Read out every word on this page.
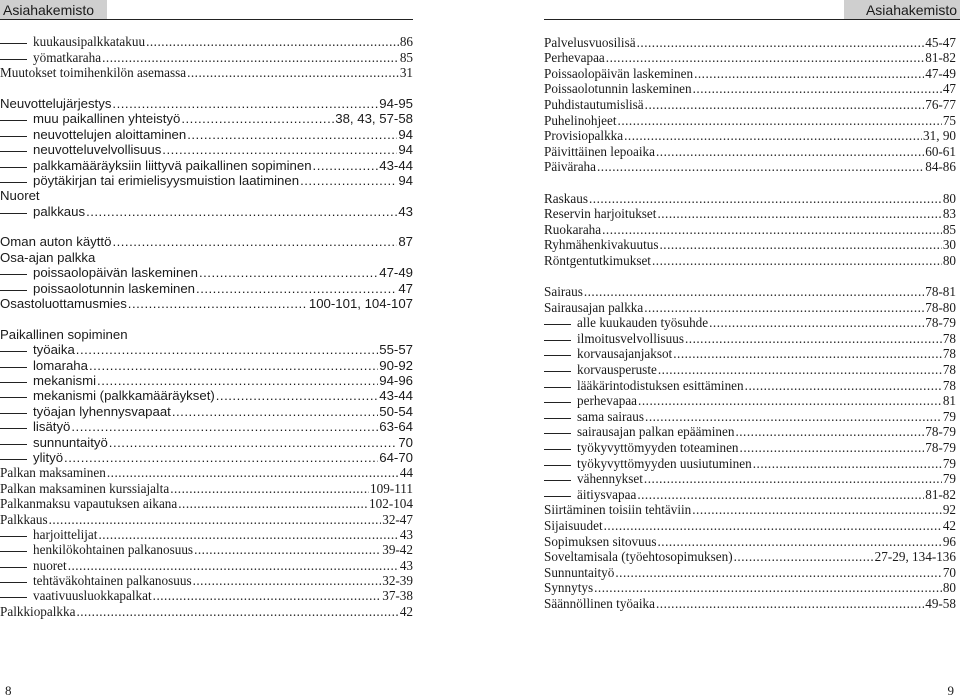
Asiahakemisto	Asiahakemisto
kuukausipalkkatakuu .....	86
yömatkaraha .....	85
Muutokset toimihenkilön asemassa .....	31
Neuvottelujärjestys .....	94-95
muu paikallinen yhteistyö .....	38, 43, 57-58
neuvottelujen aloittaminen .....	94
neuvotteluvelvollisuus .....	94
palkkamääräyksiin liittyvä paikallinen sopiminen .....	43-44
pöytäkirjan tai erimielisyysmuistion laatiminen .....	94
Nuoret
palkkaus .....	43
Oman auton käyttö .....	87
Osa-ajan palkka
poissaolopäivän laskeminen .....	47-49
poissaolotunnin laskeminen .....	47
Osastoluottamusmies .....	100-101, 104-107
Paikallinen sopiminen
työaika .....	55-57
lomaraha .....	90-92
mekanismi .....	94-96
mekanismi (palkkamääräykset) .....	43-44
työajan lyhennysvapaat .....	50-54
lisätyö .....	63-64
sunnuntaityö .....	70
ylityö .....	64-70
Palkan maksaminen .....	44
Palkan maksaminen kurssiajalta .....	109-111
Palkanmaksu vapautuksen aikana .....	102-104
Palkkaus .....	32-47
harjoittelijat .....	43
henkilökohtainen palkanosuus .....	39-42
nuoret .....	43
tehtäväkohtainen palkanosuus .....	32-39
vaativuusluokkapalkat .....	37-38
Palkkiopalkka .....	42
Palvelusvuosilisä .....	45-47
Perhevapaa .....	81-82
Poissaolopäivän laskeminen .....	47-49
Poissaolotunnin laskeminen .....	47
Puhdistautumislisä .....	76-77
Puhelinohjeet .....	75
Provisiopalkka .....	31, 90
Päivittäinen lepoaika .....	60-61
Päiväraha .....	84-86
Raskaus .....	80
Reservin harjoitukset .....	83
Ruokaraha .....	85
Ryhmähenkivakuutus .....	30
Röntgentutkimukset .....	80
Sairaus .....	78-81
Sairausajan palkka .....	78-80
alle kuukauden työsuhde .....	78-79
ilmoitusvelvollisuus .....	78
korvausajanjaksot .....	78
korvausperuste .....	78
lääkärintodistuksen esittäminen .....	78
perhevapaa .....	81
sama sairaus .....	79
sairausajan palkan epääminen .....	78-79
työkyvyttömyyden toteaminen .....	78-79
työkyvyttömyyden uusiutuminen .....	79
vähennykset .....	79
äitiysvapaa .....	81-82
Siirtäminen toisiin tehtäviin .....	92
Sijaisuudet .....	42
Sopimuksen sitovuus .....	96
Soveltamisala (työehtosopimuksen) .....	27-29, 134-136
Sunnuntaityö .....	70
Synnytys .....	80
Säännöllinen työaika .....	49-58
8	9
